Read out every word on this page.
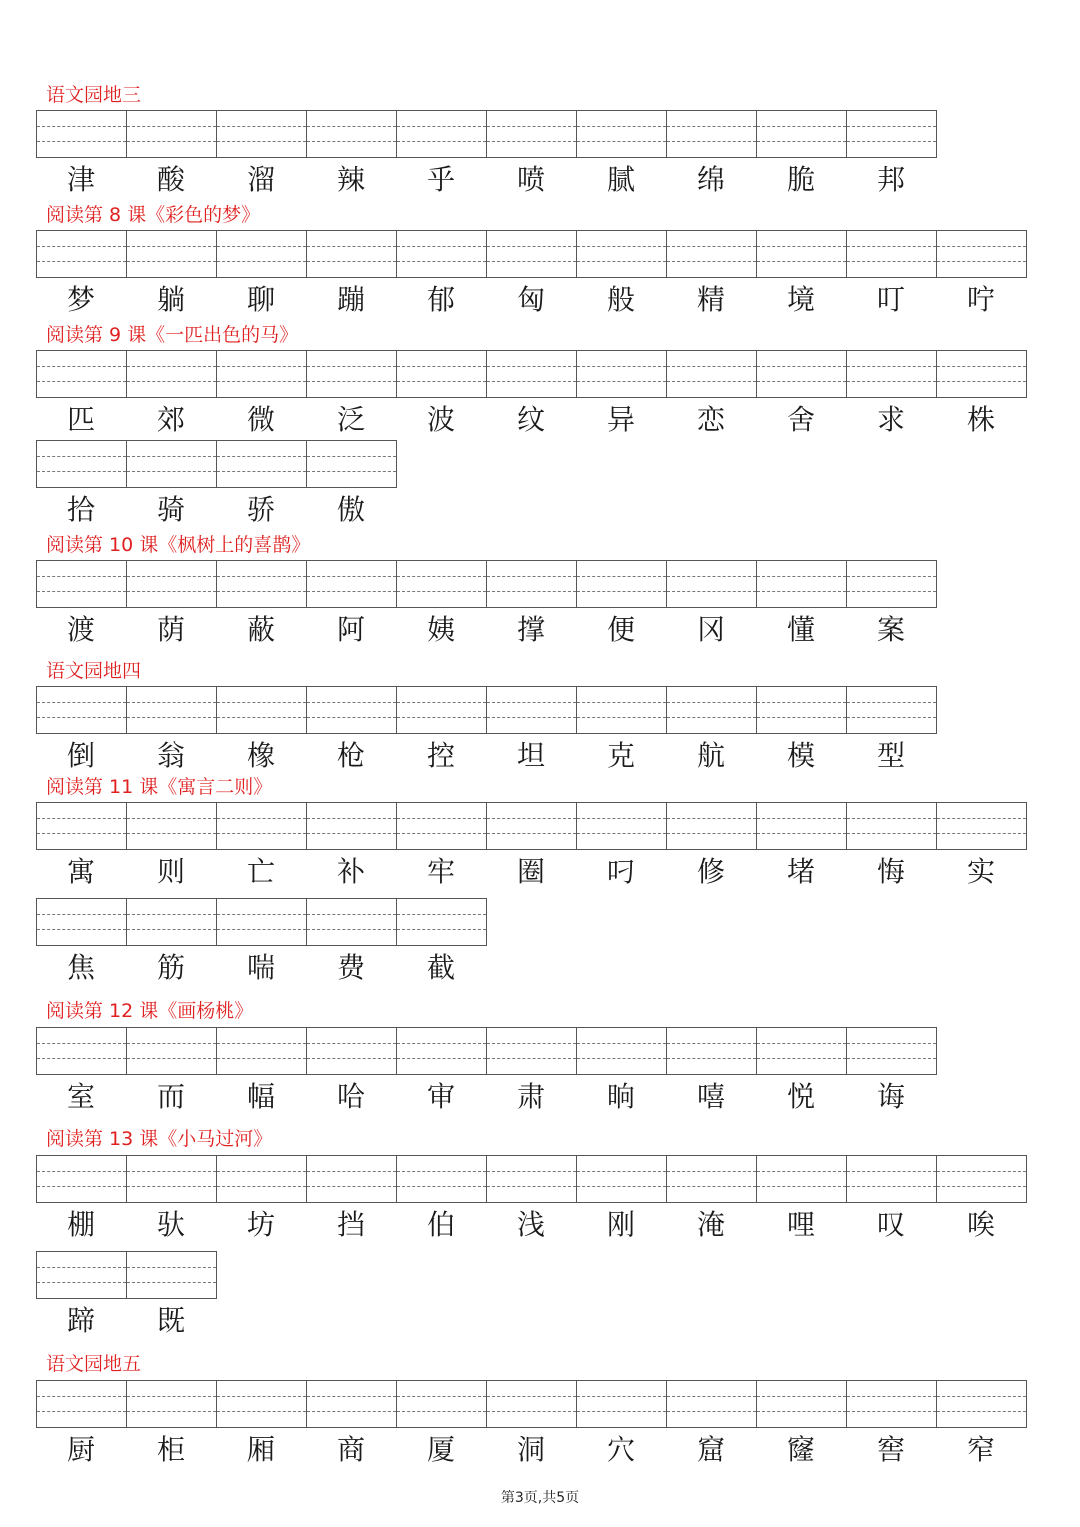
语文园地三
津	酸	溜	辣	乎	喷	腻	绵	脆	邦
阅读第 8 课《彩色的梦》
梦	躺	聊	蹦	郁	匈	般	精	境	叮	咛
阅读第 9 课《一匹出色的马》
匹	郊	微	泛	波	纹	异	恋	舍	求	株
拾	骑	骄	傲
阅读第 10 课《枫树上的喜鹊》
渡	荫	蔽	阿	姨	撑	便	冈	懂	案
语文园地四
倒	翁	橡	枪	控	坦	克	航	模	型
阅读第 11 课《寓言二则》
寓	则	亡	补	牢	圈	叼	修	堵	悔	实
焦	筋	喘	费	截
阅读第 12 课《画杨桃》
室	而	幅	哈	审	肃	晌	嘻	悦	诲
阅读第 13 课《小马过河》
棚	驮	坊	挡	伯	浅	刚	淹	哩	叹	唉
蹄	既
语文园地五
厨	柜	厢	商	厦	洞	穴	窟	窿	窖	窄
第3页,共5页
